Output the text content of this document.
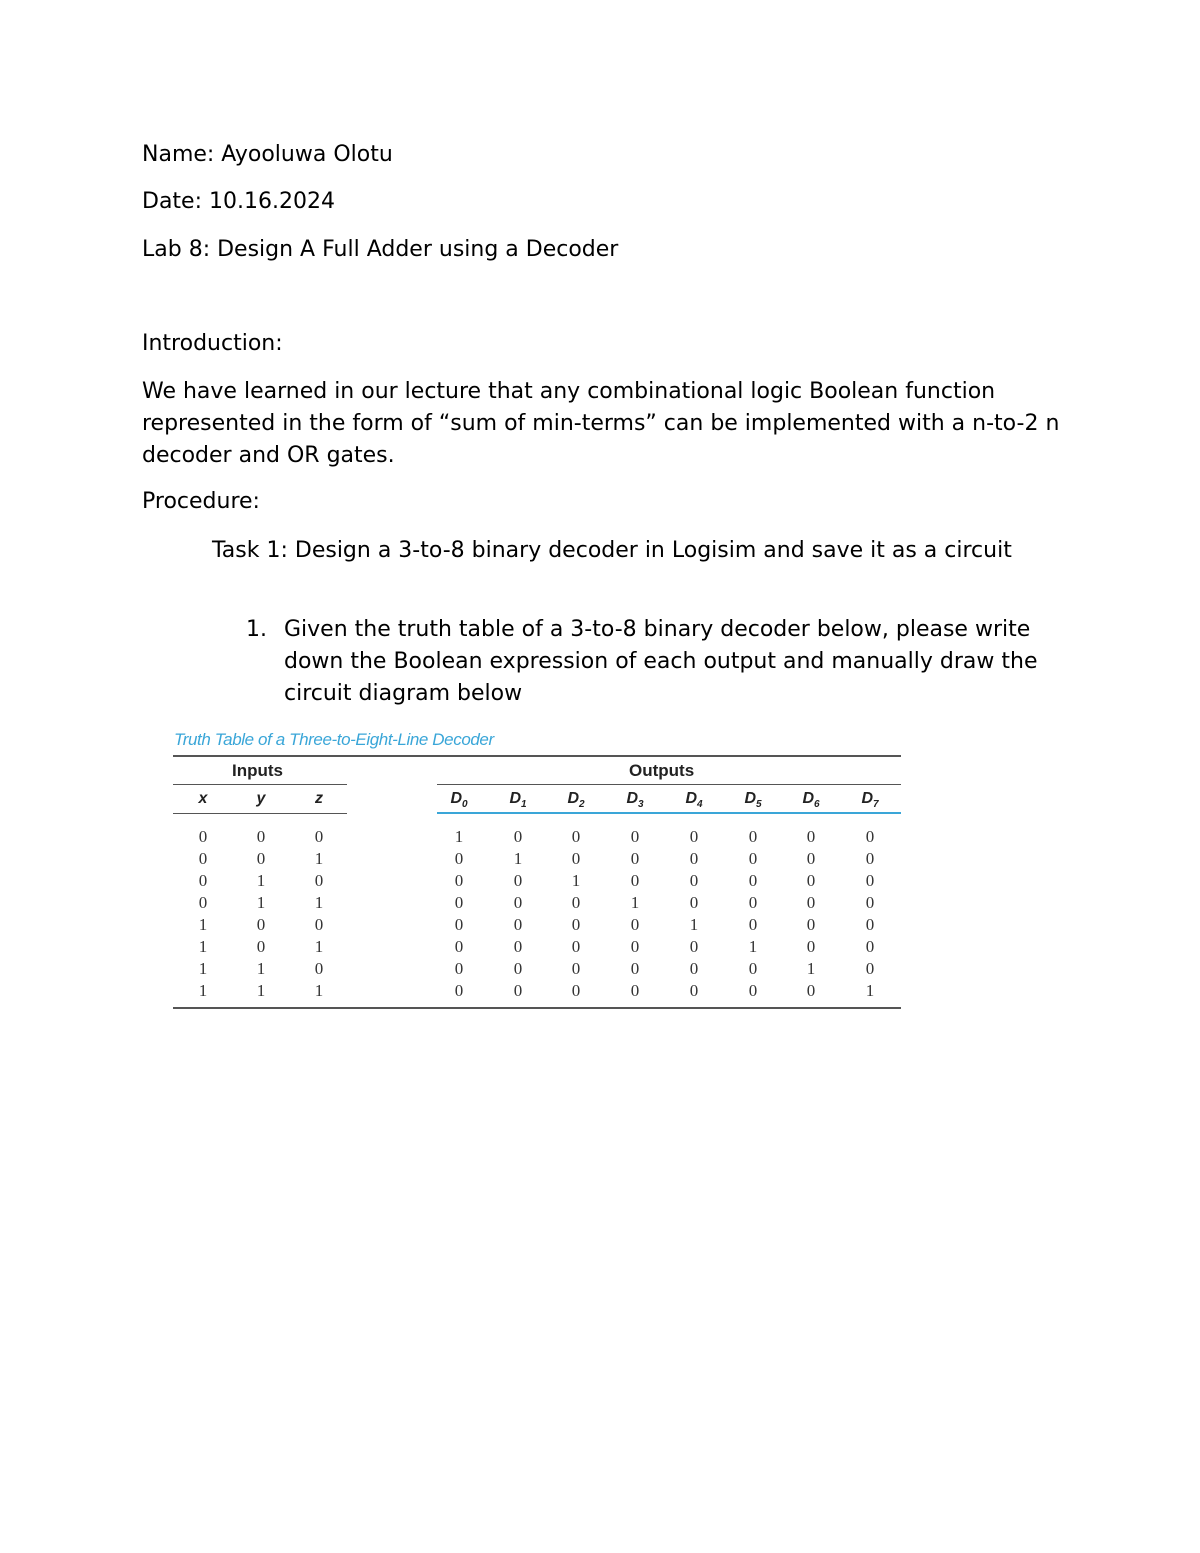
Name: Ayooluwa Olotu

Date: 10.16.2024

Lab 8: Design A Full Adder using a Decoder

Introduction:

We have learned in our lecture that any combinational logic Boolean function represented in the form of “sum of min-terms” can be implemented with a n-to-2 n decoder and OR gates.

Procedure:

Task 1: Design a 3-to-8 binary decoder in Logisim and save it as a circuit

1. Given the truth table of a 3-to-8 binary decoder below, please write down the Boolean expression of each output and manually draw the circuit diagram below
Truth Table of a Three-to-Eight-Line Decoder
Inputs	Outputs
x	y	z	$D_0$	$D_1$	$D_2$	$D_3$	$D_4$	$D_5$	$D_6$	$D_7$
0	0	0	1	0	0	0	0	0	0	0
0	0	1	0	1	0	0	0	0	0	0
0	1	0	0	0	1	0	0	0	0	0
0	1	1	0	0	0	1	0	0	0	0
1	0	0	0	0	0	0	1	0	0	0
1	0	1	0	0	0	0	0	1	0	0
1	1	0	0	0	0	0	0	0	1	0
1	1	1	0	0	0	0	0	0	0	1
